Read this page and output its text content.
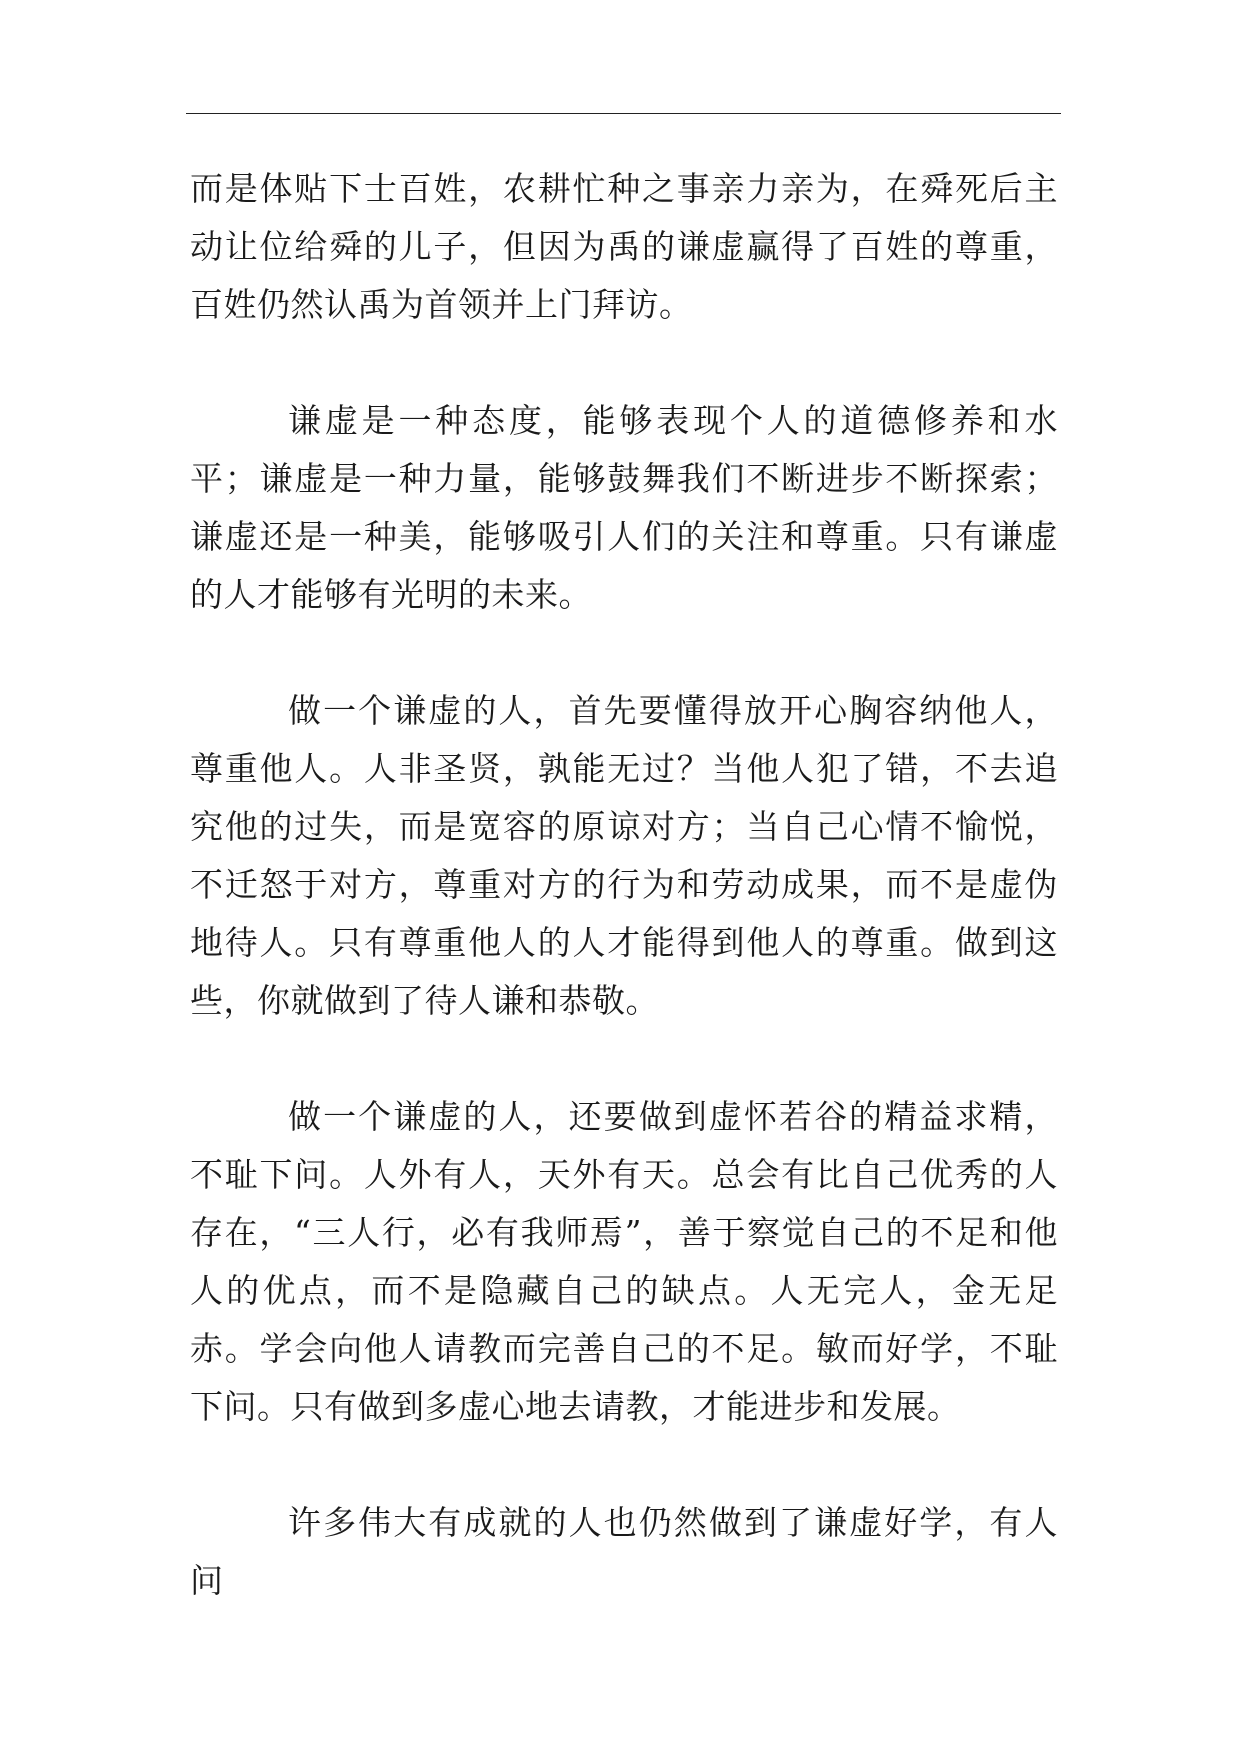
而是体贴下士百姓，农耕忙种之事亲力亲为，在舜死后主动让位给舜的儿子，但因为禹的谦虚赢得了百姓的尊重，百姓仍然认禹为首领并上门拜访。

谦虚是一种态度，能够表现个人的道德修养和水平；谦虚是一种力量，能够鼓舞我们不断进步不断探索；谦虚还是一种美，能够吸引人们的关注和尊重。只有谦虚的人才能够有光明的未来。

做一个谦虚的人，首先要懂得放开心胸容纳他人，尊重他人。人非圣贤，孰能无过？当他人犯了错，不去追究他的过失，而是宽容的原谅对方；当自己心情不愉悦，不迁怒于对方，尊重对方的行为和劳动成果，而不是虚伪地待人。只有尊重他人的人才能得到他人的尊重。做到这些，你就做到了待人谦和恭敬。

做一个谦虚的人，还要做到虚怀若谷的精益求精，不耻下问。人外有人，天外有天。总会有比自己优秀的人存在，“三人行，必有我师焉”，善于察觉自己的不足和他人的优点，而不是隐藏自己的缺点。人无完人，金无足赤。学会向他人请教而完善自己的不足。敏而好学，不耻下问。只有做到多虚心地去请教，才能进步和发展。

许多伟大有成就的人也仍然做到了谦虚好学，有人问
